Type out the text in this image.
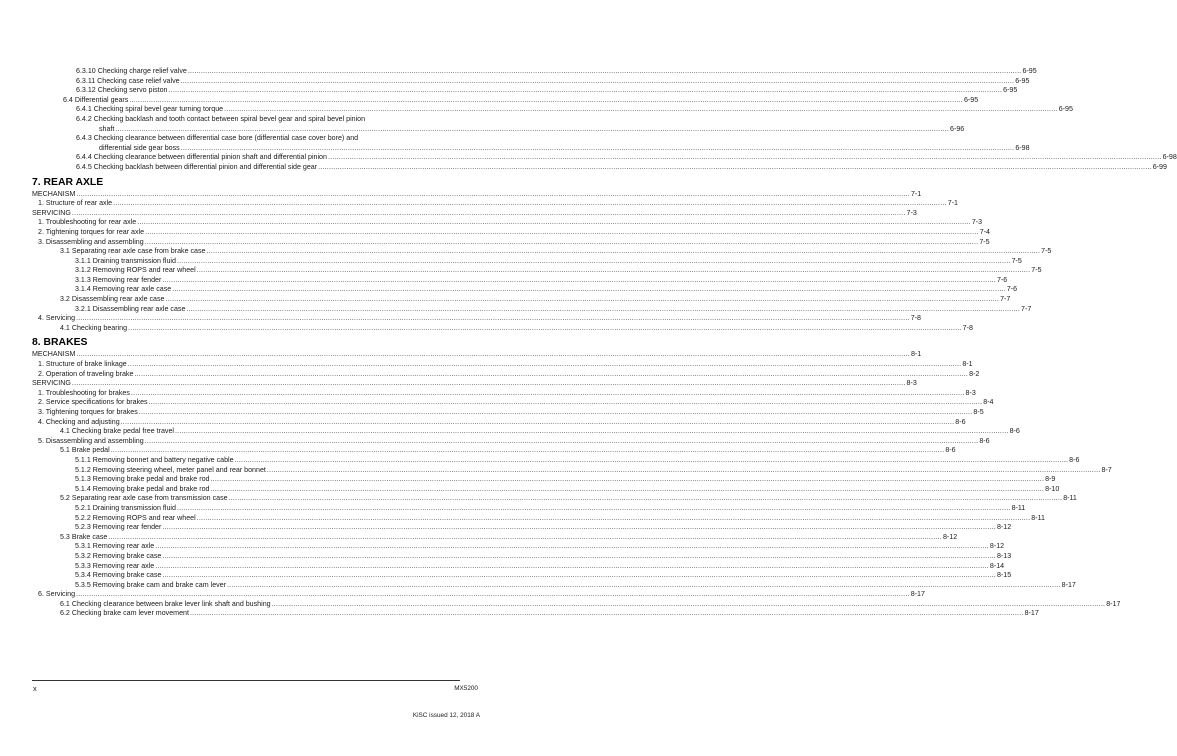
6.3.10 Checking charge relief valve .....	6-95
6.3.11 Checking case relief valve .....	6-95
6.3.12 Checking servo piston .....	6-95
6.4 Differential gears .....	6-95
6.4.1 Checking spiral bevel gear turning torque .....	6-95
6.4.2 Checking backlash and tooth contact between spiral bevel gear and spiral bevel pinion
shaft .....	6-96
6.4.3 Checking clearance between differential case bore (differential case cover bore) and
differential side gear boss .....	6-98
6.4.4 Checking clearance between differential pinion shaft and differential pinion .....	6-98
6.4.5 Checking backlash between differential pinion and differential side gear .....	6-99
7. REAR AXLE
MECHANISM .....	7-1
1. Structure of rear axle .....	7-1
SERVICING .....	7-3
1. Troubleshooting for rear axle .....	7-3
2. Tightening torques for rear axle .....	7-4
3. Disassembling and assembling .....	7-5
3.1 Separating rear axle case from brake case .....	7-5
3.1.1 Draining transmission fluid .....	7-5
3.1.2 Removing ROPS and rear wheel .....	7-5
3.1.3 Removing rear fender .....	7-6
3.1.4 Removing rear axle case .....	7-6
3.2 Disassembling rear axle case .....	7-7
3.2.1 Disassembling rear axle case .....	7-7
4. Servicing .....	7-8
4.1 Checking bearing .....	7-8
8. BRAKES
MECHANISM .....	8-1
1. Structure of brake linkage .....	8-1
2. Operation of traveling brake .....	8-2
SERVICING .....	8-3
1. Troubleshooting for brakes .....	8-3
2. Service specifications for brakes .....	8-4
3. Tightening torques for brakes .....	8-5
4. Checking and adjusting .....	8-6
4.1 Checking brake pedal free travel .....	8-6
5. Disassembling and assembling .....	8-6
5.1 Brake pedal .....	8-6
5.1.1 Removing bonnet and battery negative cable .....	8-6
5.1.2 Removing steering wheel, meter panel and rear bonnet .....	8-7
5.1.3 Removing brake pedal and brake rod .....	8-9
5.1.4 Removing brake pedal and brake rod .....	8-10
5.2 Separating rear axle case from transmission case .....	8-11
5.2.1 Draining transmission fluid .....	8-11
5.2.2 Removing ROPS and rear wheel .....	8-11
5.2.3 Removing rear fender .....	8-12
5.3 Brake case .....	8-12
5.3.1 Removing rear axle .....	8-12
5.3.2 Removing brake case .....	8-13
5.3.3 Removing rear axle .....	8-14
5.3.4 Removing brake case .....	8-15
5.3.5 Removing brake cam and brake cam lever .....	8-17
6. Servicing .....	8-17
6.1 Checking clearance between brake lever link shaft and bushing .....	8-17
6.2 Checking brake cam lever movement .....	8-17
x	MX5200
KiSC issued 12, 2018 A
